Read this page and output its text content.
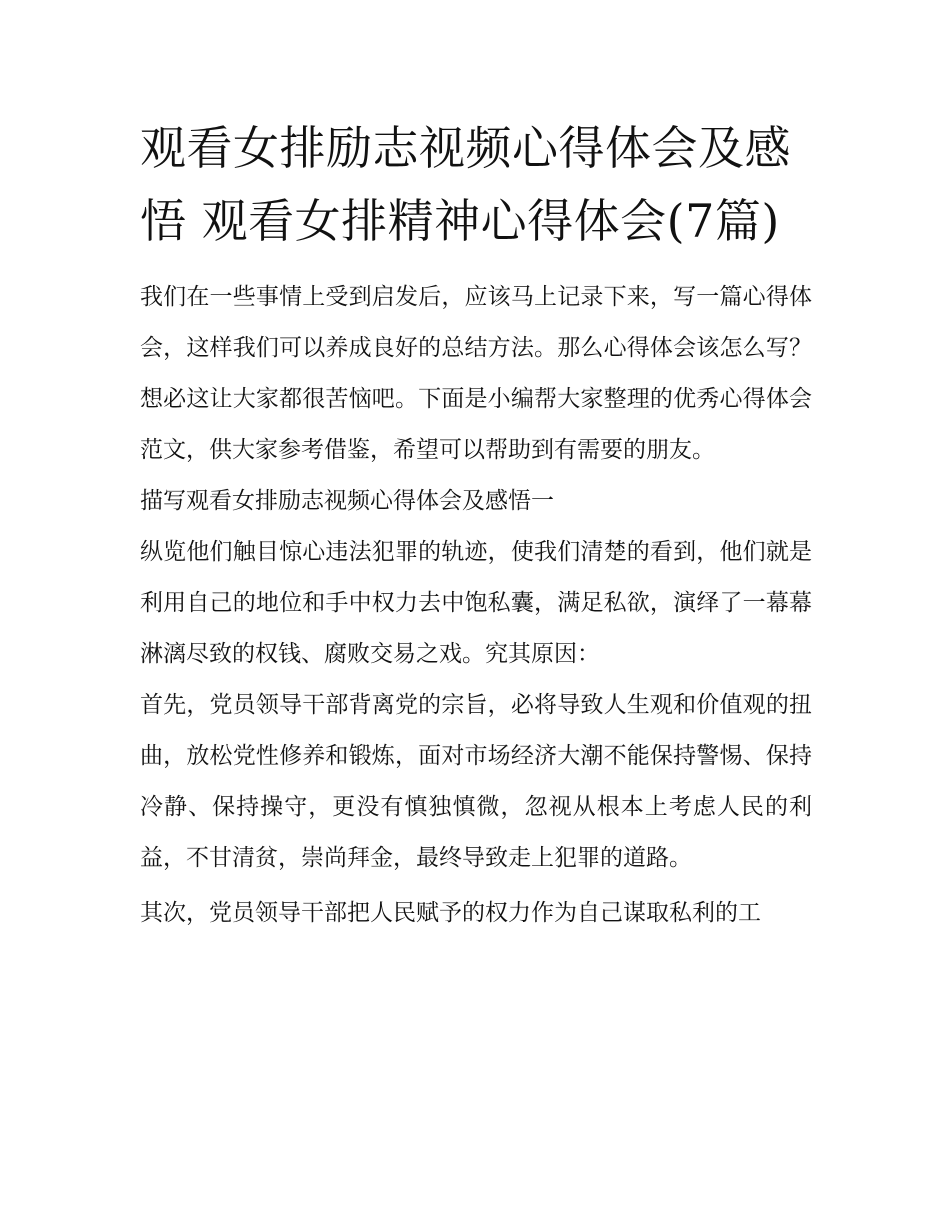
观看女排励志视频心得体会及感悟 观看女排精神心得体会(7篇)

我们在一些事情上受到启发后，应该马上记录下来，写一篇心得体会，这样我们可以养成良好的总结方法。那么心得体会该怎么写？想必这让大家都很苦恼吧。下面是小编帮大家整理的优秀心得体会范文，供大家参考借鉴，希望可以帮助到有需要的朋友。

描写观看女排励志视频心得体会及感悟一

纵览他们触目惊心违法犯罪的轨迹，使我们清楚的看到，他们就是利用自己的地位和手中权力去中饱私囊，满足私欲，演绎了一幕幕淋漓尽致的权钱、腐败交易之戏。究其原因：

首先，党员领导干部背离党的宗旨，必将导致人生观和价值观的扭曲，放松党性修养和锻炼，面对市场经济大潮不能保持警惕、保持冷静、保持操守，更没有慎独慎微，忽视从根本上考虑人民的利益，不甘清贫，崇尚拜金，最终导致走上犯罪的道路。

其次，党员领导干部把人民赋予的权力作为自己谋取私利的工
